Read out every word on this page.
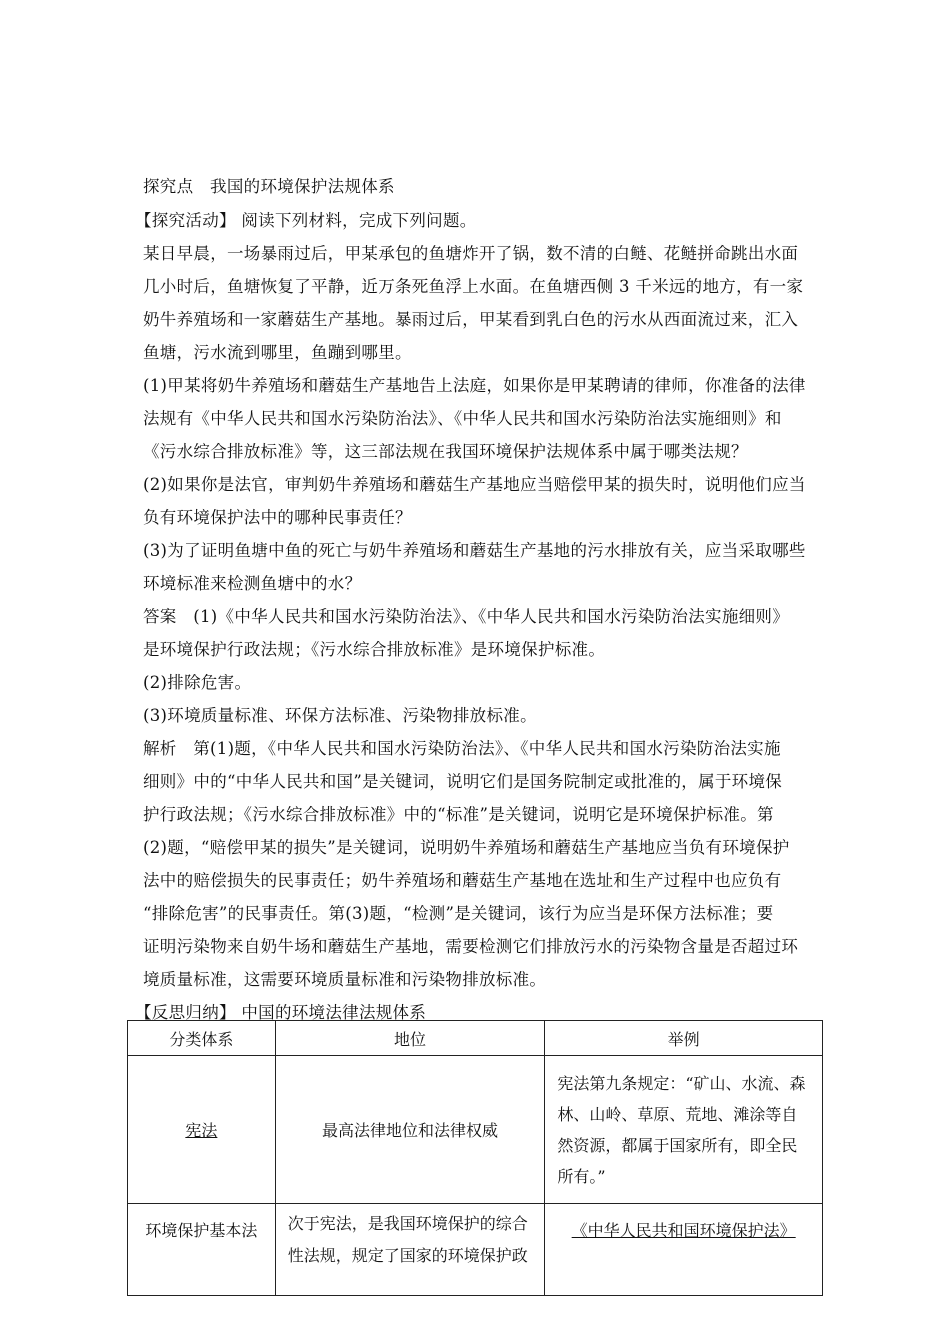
探究点 我国的环境保护法规体系
【探究活动】 阅读下列材料，完成下列问题。
某日早晨，一场暴雨过后，甲某承包的鱼塘炸开了锅，数不清的白鲢、花鲢拼命跳出水面
几小时后，鱼塘恢复了平静，近万条死鱼浮上水面。在鱼塘西侧 3 千米远的地方，有一家
奶牛养殖场和一家蘑菇生产基地。暴雨过后，甲某看到乳白色的污水从西面流过来，汇入
鱼塘，污水流到哪里，鱼蹦到哪里。
(1)甲某将奶牛养殖场和蘑菇生产基地告上法庭，如果你是甲某聘请的律师，你准备的法律
法规有《中华人民共和国水污染防治法》、《中华人民共和国水污染防治法实施细则》和
《污水综合排放标准》等，这三部法规在我国环境保护法规体系中属于哪类法规？
(2)如果你是法官，审判奶牛养殖场和蘑菇生产基地应当赔偿甲某的损失时，说明他们应当
负有环境保护法中的哪种民事责任？
(3)为了证明鱼塘中鱼的死亡与奶牛养殖场和蘑菇生产基地的污水排放有关，应当采取哪些
环境标准来检测鱼塘中的水？
答案 (1)《中华人民共和国水污染防治法》、《中华人民共和国水污染防治法实施细则》
是环境保护行政法规；《污水综合排放标准》是环境保护标准。
(2)排除危害。
(3)环境质量标准、环保方法标准、污染物排放标准。
解析 第(1)题，《中华人民共和国水污染防治法》、《中华人民共和国水污染防治法实施
细则》中的“中华人民共和国”是关键词，说明它们是国务院制定或批准的，属于环境保
护行政法规；《污水综合排放标准》中的“标准”是关键词，说明它是环境保护标准。第
(2)题，“赔偿甲某的损失”是关键词，说明奶牛养殖场和蘑菇生产基地应当负有环境保护
法中的赔偿损失的民事责任；奶牛养殖场和蘑菇生产基地在选址和生产过程中也应负有
“排除危害”的民事责任。第(3)题，“检测”是关键词，该行为应当是环保方法标准；要
证明污染物来自奶牛场和蘑菇生产基地，需要检测它们排放污水的污染物含量是否超过环
境质量标准，这需要环境质量标准和污染物排放标准。
【反思归纳】 中国的环境法律法规体系
分类体系	地位	举例
宪法	最高法律地位和法律权威	宪法第九条规定：“矿山、水流、森林、山岭、草原、荒地、滩涂等自然资源，都属于国家所有，即全民所有。”
环境保护基本法	次于宪法，是我国环境保护的综合性法规，规定了国家的环境保护政	《中华人民共和国环境保护法》
